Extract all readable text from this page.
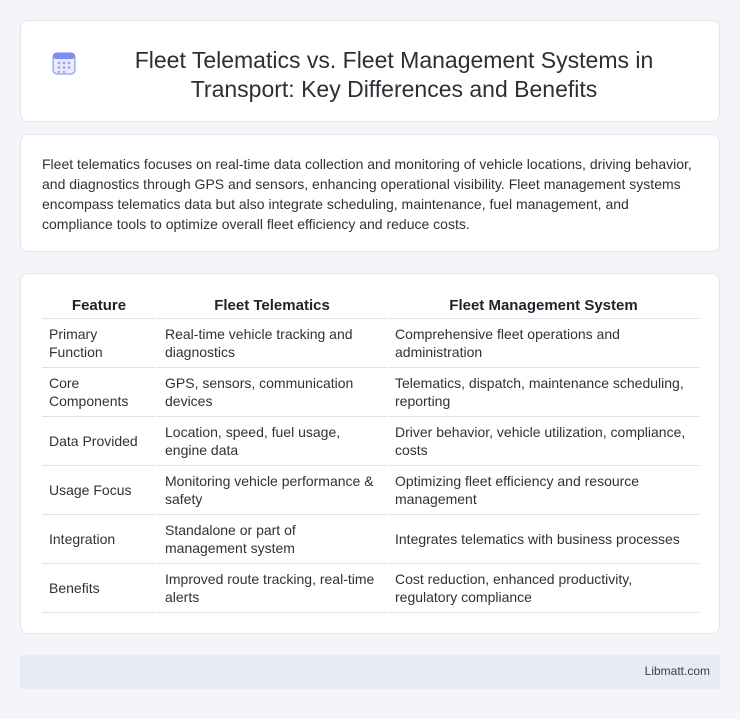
Fleet Telematics vs. Fleet Management Systems in Transport: Key Differences and Benefits

Fleet telematics focuses on real-time data collection and monitoring of vehicle locations, driving behavior, and diagnostics through GPS and sensors, enhancing operational visibility. Fleet management systems encompass telematics data but also integrate scheduling, maintenance, fuel management, and compliance tools to optimize overall fleet efficiency and reduce costs.

Feature	Fleet Telematics	Fleet Management System
Primary Function	Real-time vehicle tracking and diagnostics	Comprehensive fleet operations and administration
Core Components	GPS, sensors, communication devices	Telematics, dispatch, maintenance scheduling, reporting
Data Provided	Location, speed, fuel usage, engine data	Driver behavior, vehicle utilization, compliance, costs
Usage Focus	Monitoring vehicle performance & safety	Optimizing fleet efficiency and resource management
Integration	Standalone or part of management system	Integrates telematics with business processes
Benefits	Improved route tracking, real-time alerts	Cost reduction, enhanced productivity, regulatory compliance
Libmatt.com
